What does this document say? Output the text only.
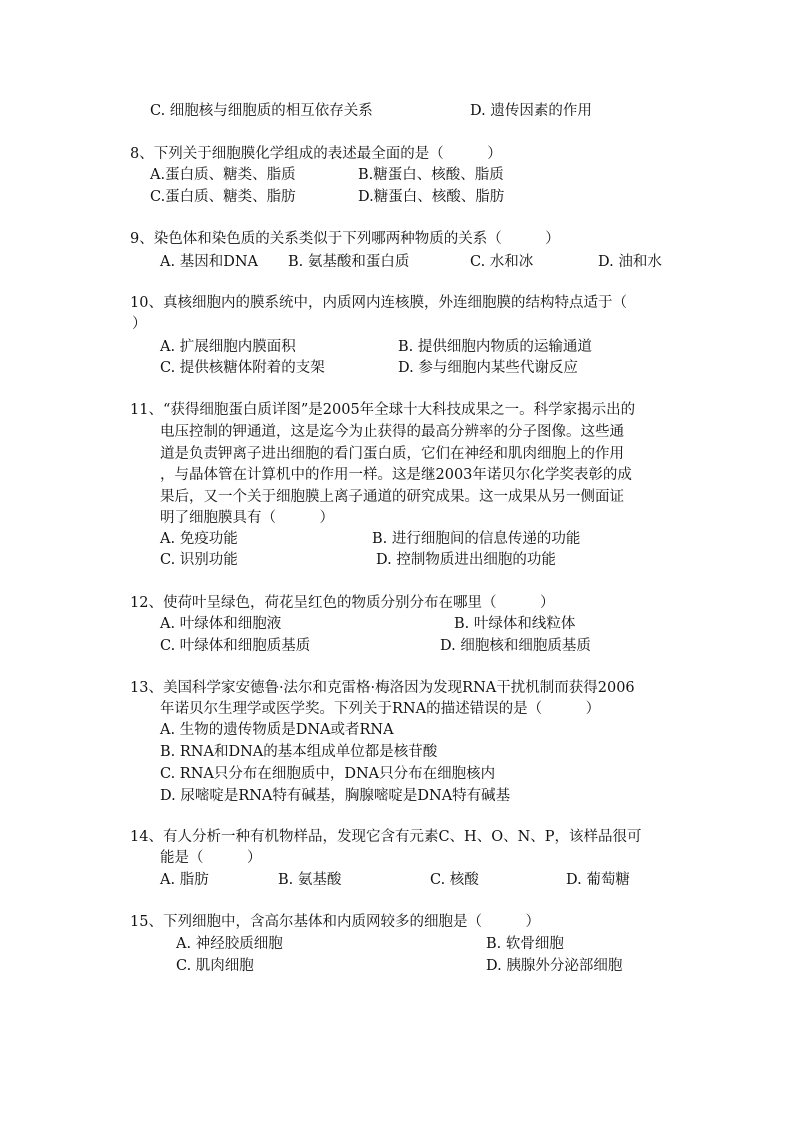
C. 细胞核与细胞质的相互依存关系	D. 遗传因素的作用
8、下列关于细胞膜化学组成的表述最全面的是（　　　）
A.蛋白质、糖类、脂质	B.糖蛋白、核酸、脂质
C.蛋白质、糖类、脂肪	D.糖蛋白、核酸、脂肪
9、染色体和染色质的关系类似于下列哪两种物质的关系（　　　）
A. 基因和DNA B. 氨基酸和蛋白质	C. 水和冰	D. 油和水
10、真核细胞内的膜系统中，内质网内连核膜，外连细胞膜的结构特点适于（
）
A. 扩展细胞内膜面积	B. 提供细胞内物质的运输通道
C. 提供核糖体附着的支架	D. 参与细胞内某些代谢反应
11、“获得细胞蛋白质详图”是2005年全球十大科技成果之一。科学家揭示出的
电压控制的钾通道，这是迄今为止获得的最高分辨率的分子图像。这些通
道是负责钾离子进出细胞的看门蛋白质，它们在神经和肌肉细胞上的作用
，与晶体管在计算机中的作用一样。这是继2003年诺贝尔化学奖表彰的成
果后，又一个关于细胞膜上离子通道的研究成果。这一成果从另一侧面证
明了细胞膜具有（　　　）
A. 免疫功能	B. 进行细胞间的信息传递的功能
C. 识别功能	D. 控制物质进出细胞的功能
12、使荷叶呈绿色，荷花呈红色的物质分别分布在哪里（　　　）
A. 叶绿体和细胞液	B. 叶绿体和线粒体
C. 叶绿体和细胞质基质	D. 细胞核和细胞质基质
13、美国科学家安德鲁·法尔和克雷格·梅洛因为发现RNA干扰机制而获得2006
年诺贝尔生理学或医学奖。下列关于RNA的描述错误的是（　　　）
A. 生物的遗传物质是DNA或者RNA
B. RNA和DNA的基本组成单位都是核苷酸
C. RNA只分布在细胞质中，DNA只分布在细胞核内
D. 尿嘧啶是RNA特有碱基，胸腺嘧啶是DNA特有碱基
14、有人分析一种有机物样品，发现它含有元素C、H、O、N、P，该样品很可
能是（　　　）
A. 脂肪	B. 氨基酸	C. 核酸	D. 葡萄糖
15、下列细胞中，含高尔基体和内质网较多的细胞是（　　　）
A. 神经胶质细胞	B. 软骨细胞
C. 肌肉细胞	D. 胰腺外分泌部细胞
